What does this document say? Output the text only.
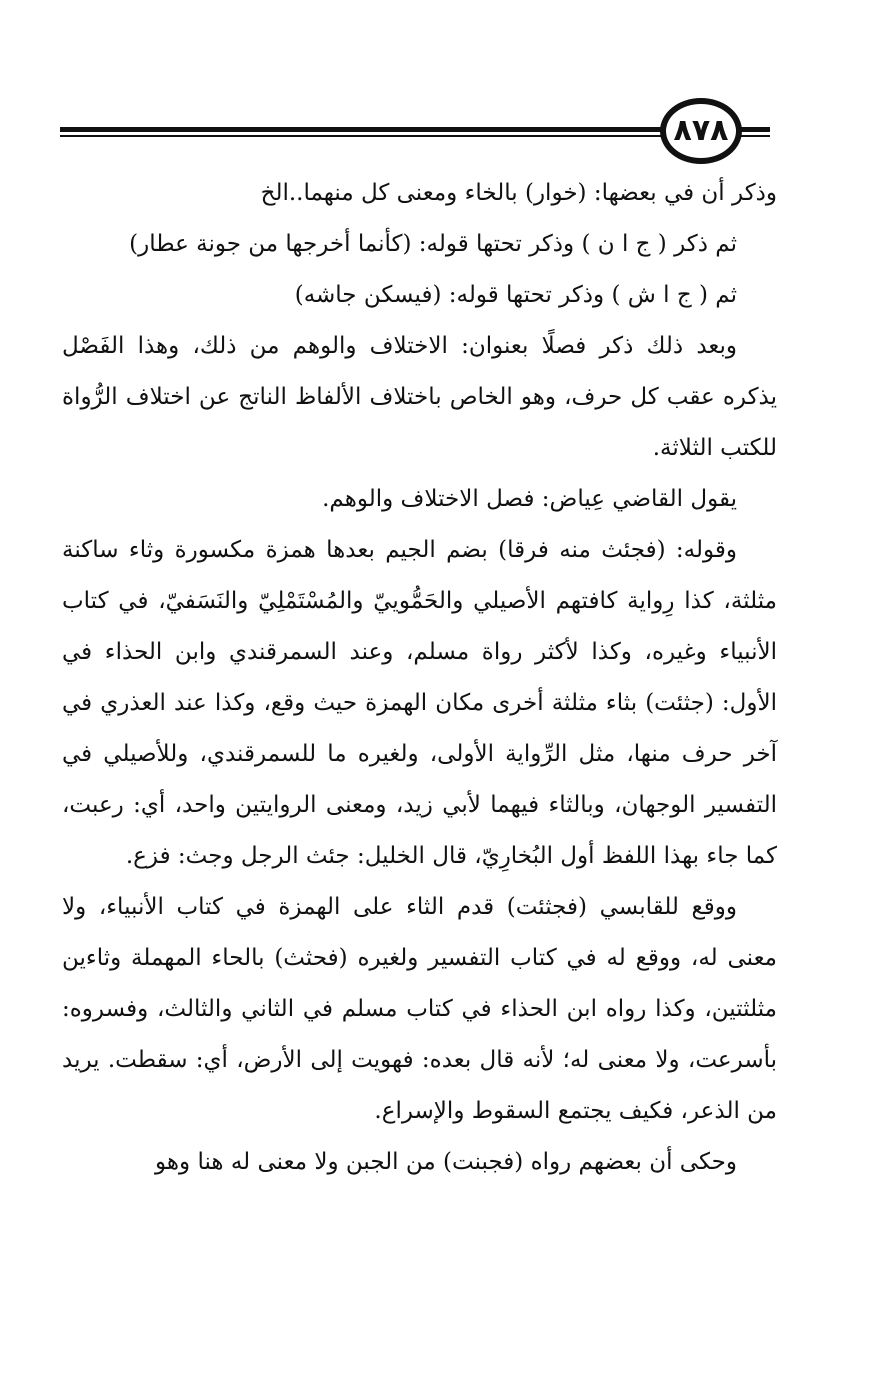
٨٧٨

وذكر أن في بعضها: (خوار) بالخاء ومعنى كل منهما..الخ

ثم ذكر ( ج ا ن ) وذكر تحتها قوله: (كأنما أخرجها من جونة عطار)

ثم ( ج ا ش ) وذكر تحتها قوله: (فيسكن جاشه)

وبعد ذلك ذكر فصلًا بعنوان: الاختلاف والوهم من ذلك، وهذا الفَصْل يذكره عقب كل حرف، وهو الخاص باختلاف الألفاظ الناتج عن اختلاف الرُّواة للكتب الثلاثة.

يقول القاضي عِياض: فصل الاختلاف والوهم.

وقوله: (فجئث منه فرقا) بضم الجيم بعدها همزة مكسورة وثاء ساكنة مثلثة، كذا رِواية كافتهم الأصيلي والحَمُّوييّ والمُسْتَمْلِيّ والنَسَفيّ، في كتاب الأنبياء وغيره، وكذا لأكثر رواة مسلم، وعند السمرقندي وابن الحذاء في الأول: (جثئت) بثاء مثلثة أخرى مكان الهمزة حيث وقع، وكذا عند العذري في آخر حرف منها، مثل الرِّواية الأولى، ولغيره ما للسمرقندي، وللأصيلي في التفسير الوجهان، وبالثاء فيهما لأبي زيد، ومعنى الروايتين واحد، أي: رعبت، كما جاء بهذا اللفظ أول البُخارِيّ، قال الخليل: جئث الرجل وجث: فزع.

ووقع للقابسي (فجثئت) قدم الثاء على الهمزة في كتاب الأنبياء، ولا معنى له، ووقع له في كتاب التفسير ولغيره (فحثث) بالحاء المهملة وثاءين مثلثتين، وكذا رواه ابن الحذاء في كتاب مسلم في الثاني والثالث، وفسروه: بأسرعت، ولا معنى له؛ لأنه قال بعده: فهويت إلى الأرض، أي: سقطت. يريد من الذعر، فكيف يجتمع السقوط والإسراع.

وحكى أن بعضهم رواه (فجبنت) من الجبن ولا معنى له هنا وهو
